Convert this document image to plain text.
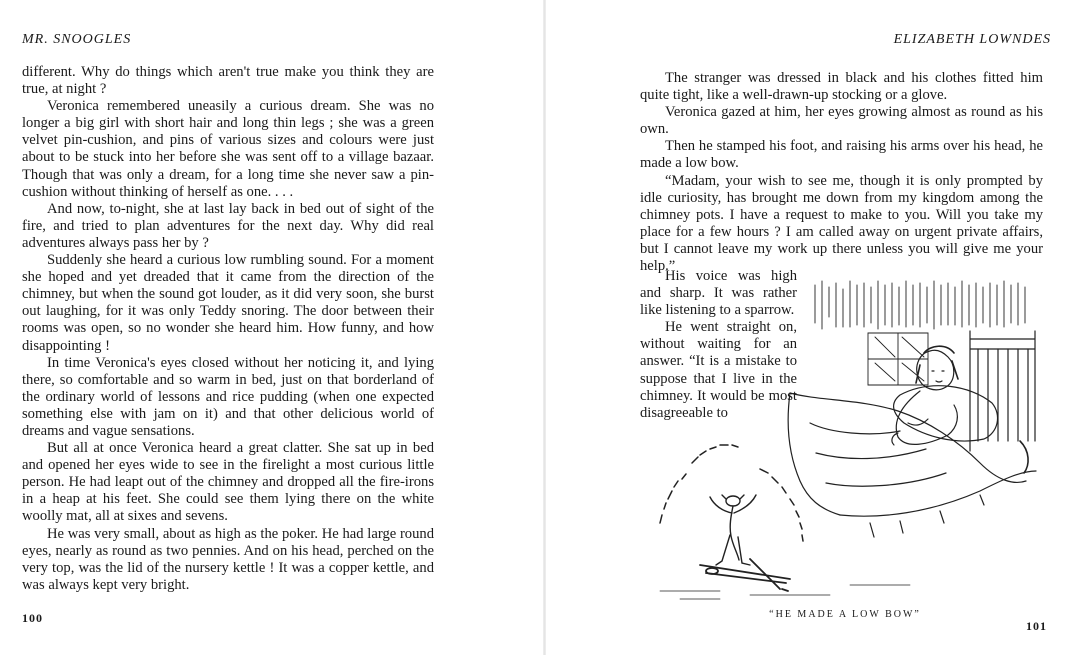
MR. SNOOGLES

different. Why do things which aren't true make you think they are true, at night ?

Veronica remembered uneasily a curious dream. She was no longer a big girl with short hair and long thin legs ; she was a green velvet pin-cushion, and pins of various sizes and colours were just about to be stuck into her before she was sent off to a village bazaar. Though that was only a dream, for a long time she never saw a pin-cushion without thinking of herself as one. . . .

And now, to-night, she at last lay back in bed out of sight of the fire, and tried to plan adventures for the next day. Why did real adventures always pass her by ?

Suddenly she heard a curious low rumbling sound. For a moment she hoped and yet dreaded that it came from the direction of the chimney, but when the sound got louder, as it did very soon, she burst out laughing, for it was only Teddy snoring. The door between their rooms was open, so no wonder she heard him. How funny, and how disappointing !

In time Veronica's eyes closed without her noticing it, and lying there, so comfortable and so warm in bed, just on that borderland of the ordinary world of lessons and rice pudding (when one expected something else with jam on it) and that other delicious world of dreams and vague sensations.

But all at once Veronica heard a great clatter. She sat up in bed and opened her eyes wide to see in the firelight a most curious little person. He had leapt out of the chimney and dropped all the fire-irons in a heap at his feet. She could see them lying there on the white woolly mat, all at sixes and sevens.

He was very small, about as high as the poker. He had large round eyes, nearly as round as two pennies. And on his head, perched on the very top, was the lid of the nursery kettle ! It was a copper kettle, and was always kept very bright.

100
ELIZABETH LOWNDES

The stranger was dressed in black and his clothes fitted him quite tight, like a well-drawn-up stocking or a glove.

Veronica gazed at him, her eyes growing almost as round as his own.

Then he stamped his foot, and raising his arms over his head, he made a low bow.

“Madam, your wish to see me, though it is only prompted by idle curiosity, has brought me down from my kingdom among the chimney pots. I have a request to make to you. Will you take my place for a few hours ? I am called away on urgent private affairs, but I cannot leave my work up there unless you will give me your help.”

His voice was high and sharp. It was rather like listening to a sparrow.

He went straight on, without waiting for an answer. “It is a mistake to suppose that I live in the chimney. It would be most disagreeable to

“HE MADE A LOW BOW”
101
